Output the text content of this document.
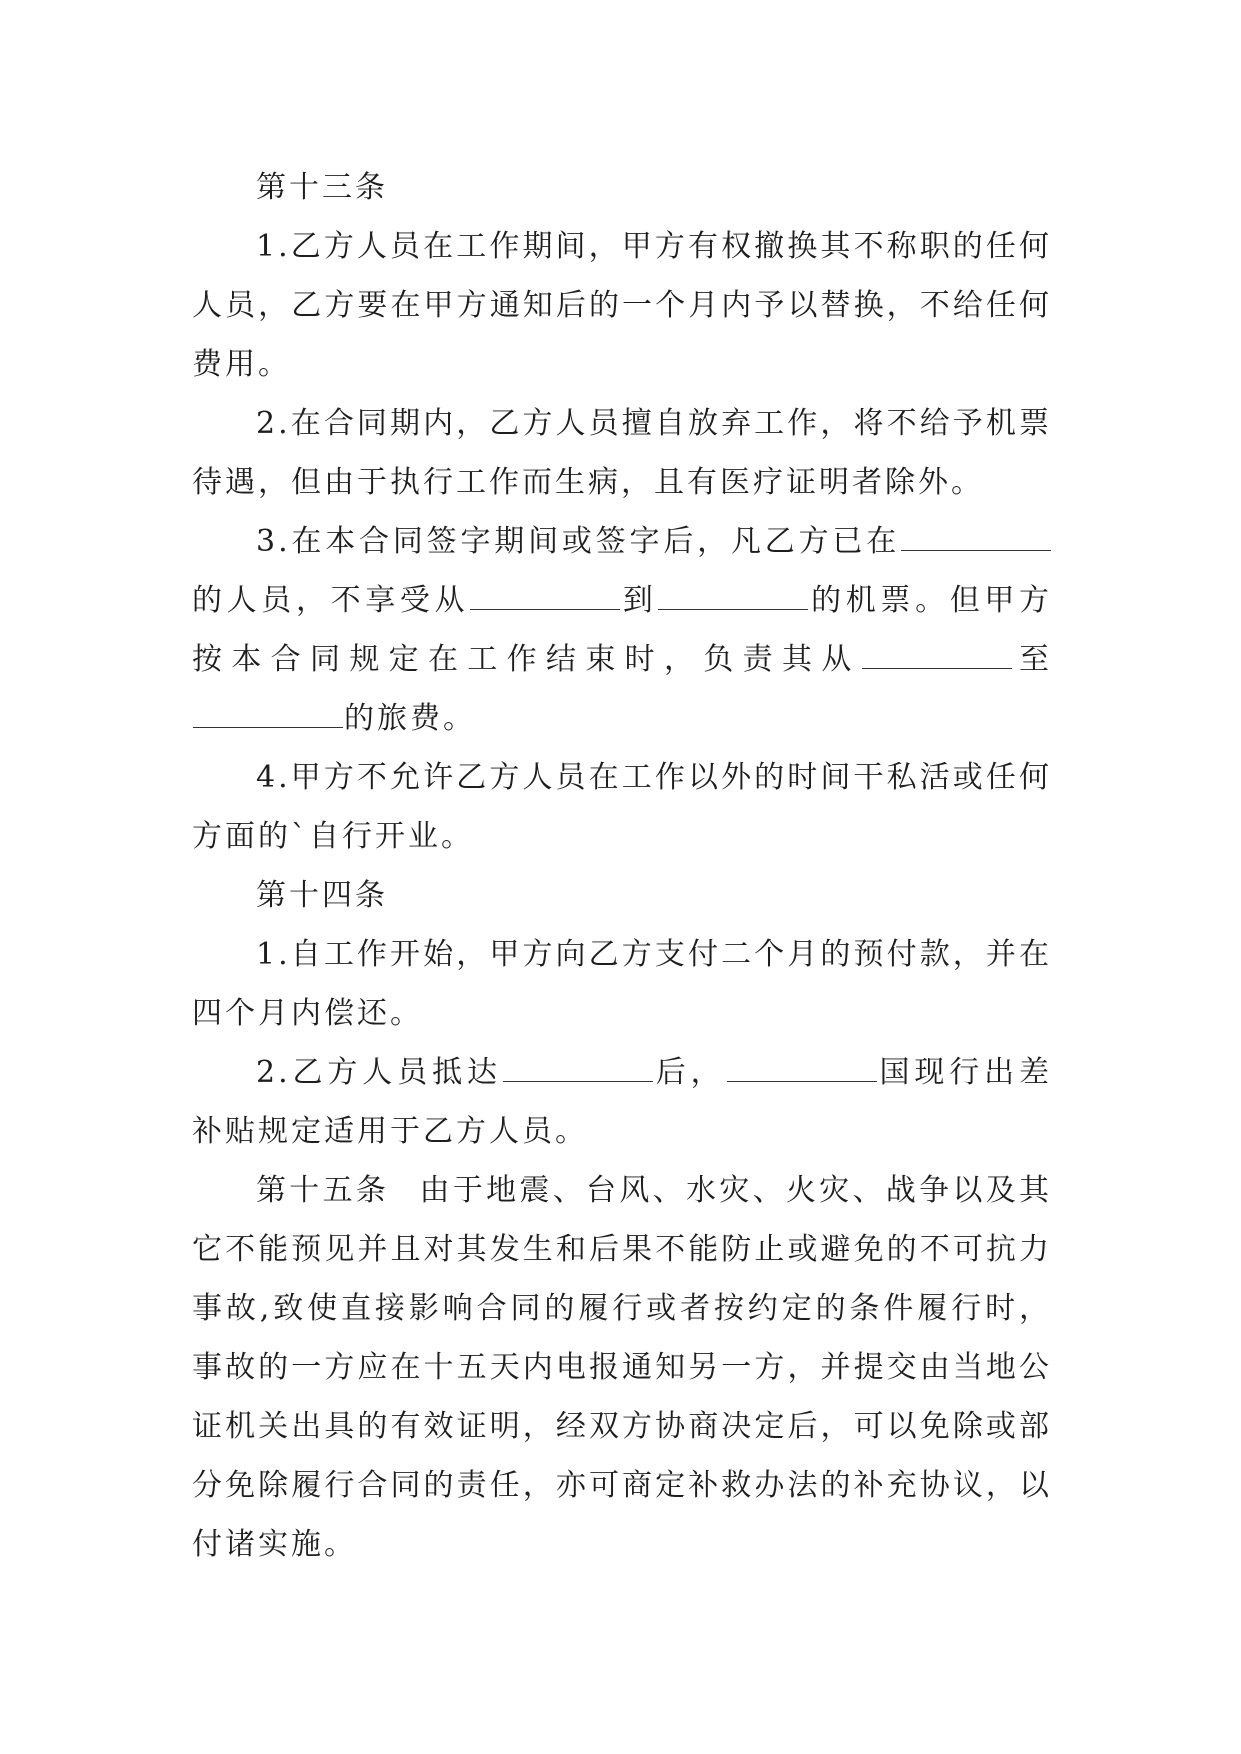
第十三条

1.乙方人员在工作期间，甲方有权撤换其不称职的任何人员，乙方要在甲方通知后的一个月内予以替换，不给任何费用。

2.在合同期内，乙方人员擅自放弃工作，将不给予机票待遇，但由于执行工作而生病，且有医疗证明者除外。

3.在本合同签字期间或签字后，凡乙方已在的人员，不享受从	到	的机票。但甲方按本合同规定在工作结束时，负责其从	至的旅费。

4.甲方不允许乙方人员在工作以外的时间干私活或任何方面的`自行开业。

第十四条

1.自工作开始，甲方向乙方支付二个月的预付款，并在四个月内偿还。

2.乙方人员抵达	后，	国现行出差补贴规定适用于乙方人员。

第十五条 由于地震、台风、水灾、火灾、战争以及其它不能预见并且对其发生和后果不能防止或避免的不可抗力事故,致使直接影响合同的履行或者按约定的条件履行时，事故的一方应在十五天内电报通知另一方，并提交由当地公证机关出具的有效证明，经双方协商决定后，可以免除或部分免除履行合同的责任，亦可商定补救办法的补充协议，以付诸实施。
